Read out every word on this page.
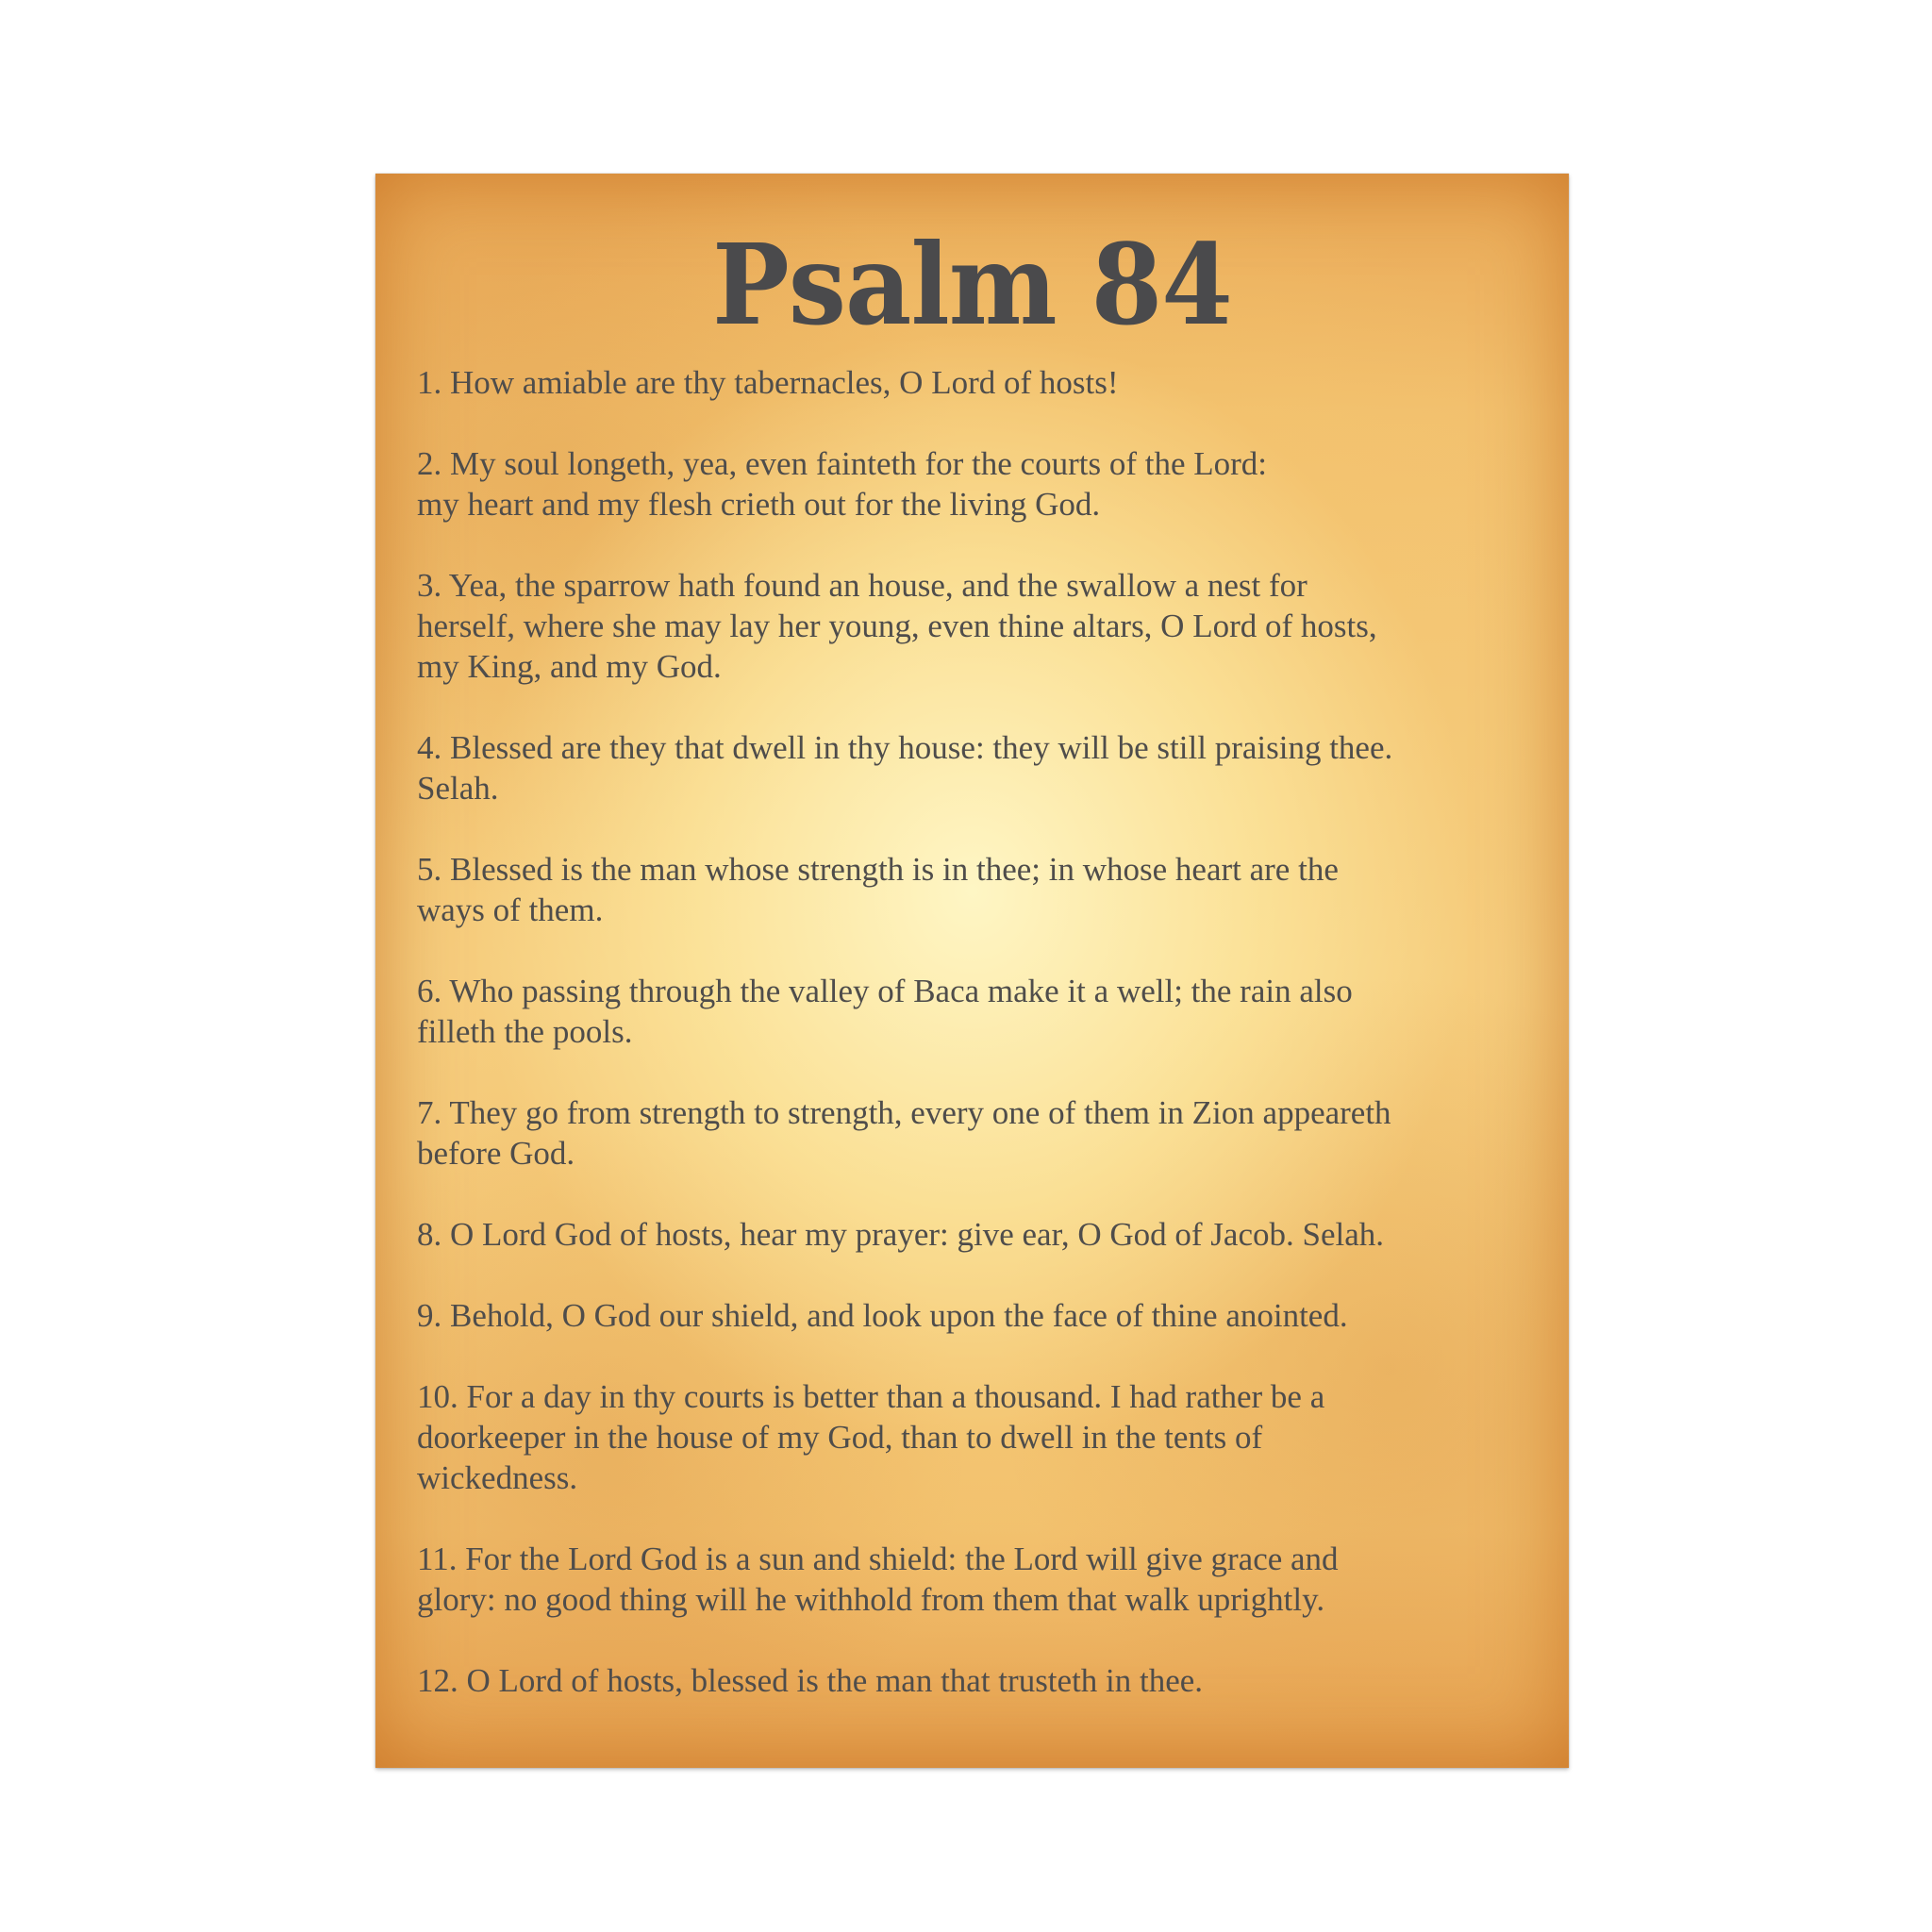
Psalm 84

1. How amiable are thy tabernacles, O Lord of hosts!

2. My soul longeth, yea, even fainteth for the courts of the Lord:
my heart and my flesh crieth out for the living God.

3. Yea, the sparrow hath found an house, and the swallow a nest for
herself, where she may lay her young, even thine altars, O Lord of hosts,
my King, and my God.

4. Blessed are they that dwell in thy house: they will be still praising thee.
Selah.

5. Blessed is the man whose strength is in thee; in whose heart are the
ways of them.

6. Who passing through the valley of Baca make it a well; the rain also
filleth the pools.

7. They go from strength to strength, every one of them in Zion appeareth
before God.

8. O Lord God of hosts, hear my prayer: give ear, O God of Jacob. Selah.

9. Behold, O God our shield, and look upon the face of thine anointed.

10. For a day in thy courts is better than a thousand. I had rather be a
doorkeeper in the house of my God, than to dwell in the tents of
wickedness.

11. For the Lord God is a sun and shield: the Lord will give grace and
glory: no good thing will he withhold from them that walk uprightly.

12. O Lord of hosts, blessed is the man that trusteth in thee.
